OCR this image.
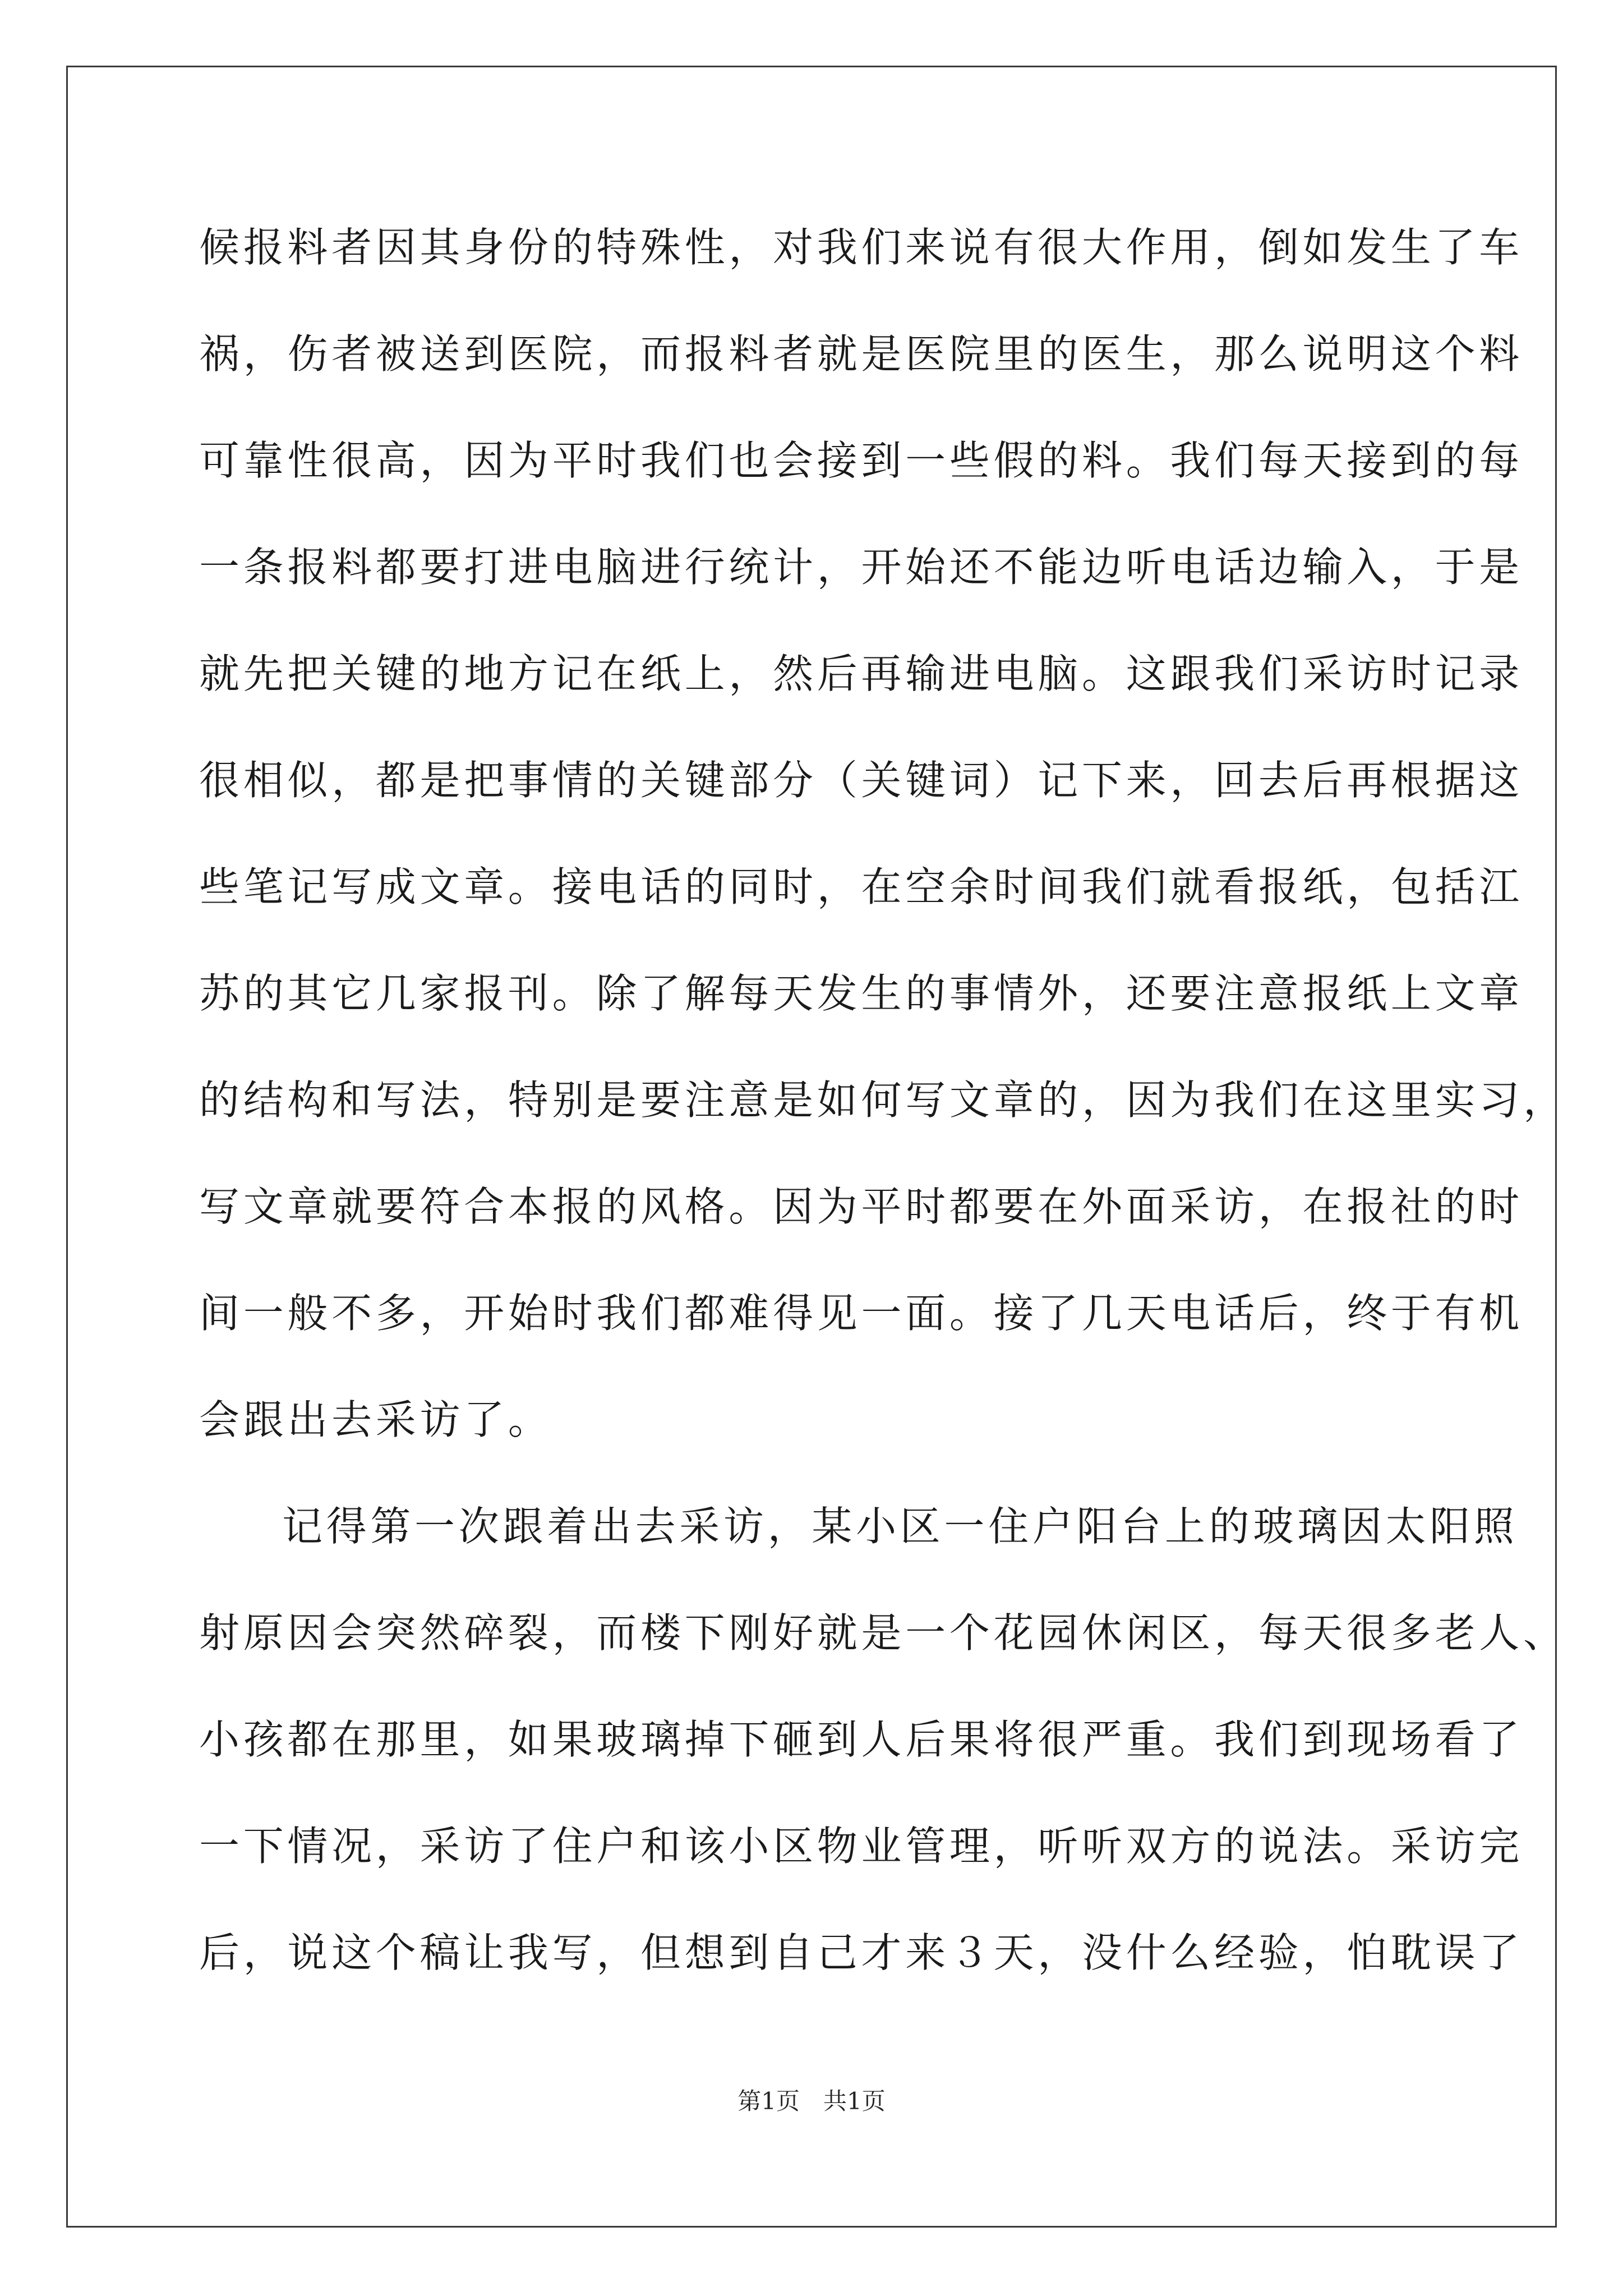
候报料者因其身份的特殊性，对我们来说有很大作用，倒如发生了车
祸，伤者被送到医院，而报料者就是医院里的医生，那么说明这个料
可靠性很高，因为平时我们也会接到一些假的料。我们每天接到的每
一条报料都要打进电脑进行统计，开始还不能边听电话边输入，于是
就先把关键的地方记在纸上，然后再输进电脑。这跟我们采访时记录
很相似，都是把事情的关键部分（关键词）记下来，回去后再根据这
些笔记写成文章。接电话的同时，在空余时间我们就看报纸，包括江
苏的其它几家报刊。除了解每天发生的事情外，还要注意报纸上文章
的结构和写法，特别是要注意是如何写文章的，因为我们在这里实习，
写文章就要符合本报的风格。因为平时都要在外面采访，在报社的时
间一般不多，开始时我们都难得见一面。接了几天电话后，终于有机
会跟出去采访了。
记得第一次跟着出去采访，某小区一住户阳台上的玻璃因太阳照
射原因会突然碎裂，而楼下刚好就是一个花园休闲区，每天很多老人、
小孩都在那里，如果玻璃掉下砸到人后果将很严重。我们到现场看了
一下情况，采访了住户和该小区物业管理，听听双方的说法。采访完
后，说这个稿让我写，但想到自己才来３天，没什么经验，怕耽误了
第1页　共1页
